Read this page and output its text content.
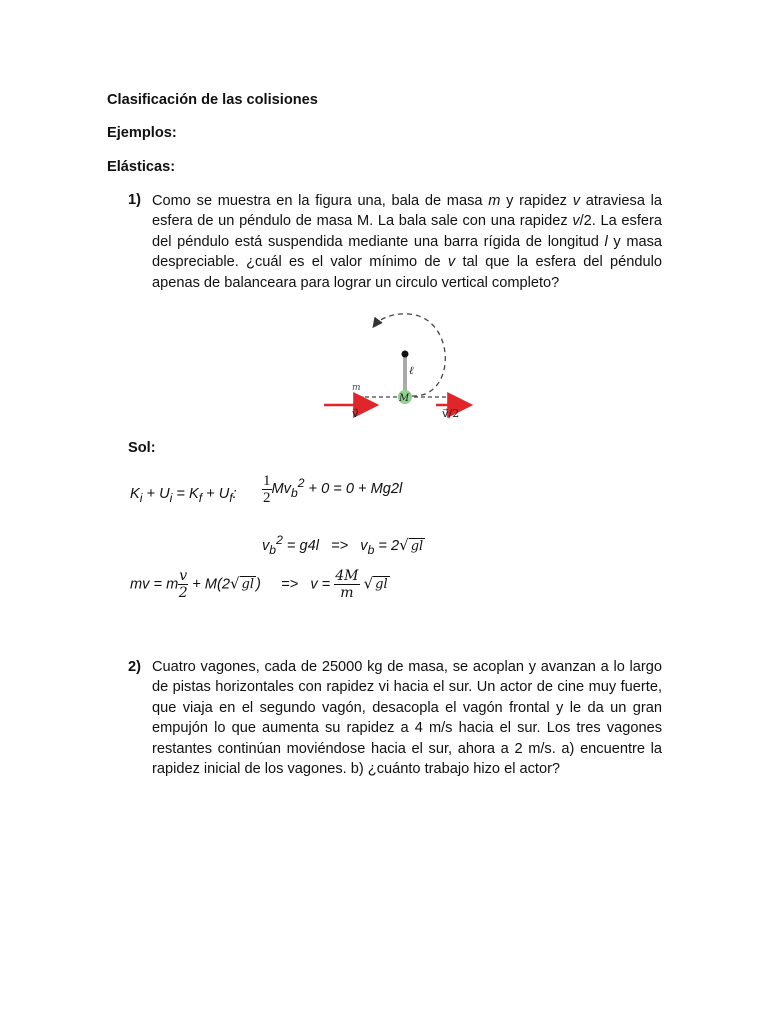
Clasificación de las colisiones
Ejemplos:
Elásticas:
1) Como se muestra en la figura una, bala de masa m y rapidez v atraviesa la esfera de un péndulo de masa M. La bala sale con una rapidez v/2. La esfera del péndulo está suspendida mediante una barra rígida de longitud l y masa despreciable. ¿cuál es el valor mínimo de v tal que la esfera del péndulo apenas de balanceara para lograr un circulo vertical completo?
m
ℓ
M
v⃗	v⃗/2
Sol:
$K_i + U_i = K_f + U_f$: $\frac{1}{2} Mv_b^2 + 0 = 0 + Mg2l$
$v_b^2 = g4l => v_b = 2√$ gl
mv = m $\frac{v}{2} + M(2√$ gl )     =>   $v = \frac{4M}{m}$ √ gl
2) Cuatro vagones, cada de 25000 kg de masa, se acoplan y avanzan a lo largo de pistas horizontales con rapidez vi hacia el sur. Un actor de cine muy fuerte, que viaja en el segundo vagón, desacopla el vagón frontal y le da un gran empujón lo que aumenta su rapidez a 4 m/s hacia el sur. Los tres vagones restantes continúan moviéndose hacia el sur, ahora a 2 m/s. a) encuentre la rapidez inicial de los vagones. b) ¿cuánto trabajo hizo el actor?
